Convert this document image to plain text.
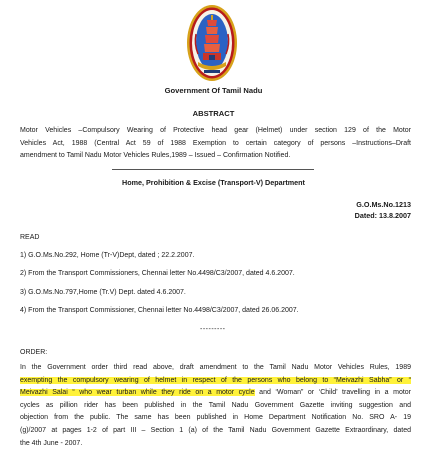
Government Of Tamil Nadu
ABSTRACT
Motor Vehicles –Compulsory Wearing of Protective head gear (Helmet) under section 129 of the Motor
Vehicles Act, 1988 (Central Act 59 of 1988 Exemption to certain category of persons –Instructions–Draft
amendment to Tamil Nadu Motor Vehicles Rules,1989 – Issued – Confirmation Notified.
Home, Prohibition & Excise (Transport-V) Department
G.O.Ms.No.1213
Dated: 13.8.2007
READ
1) G.O.Ms.No.292, Home (Tr-V)Dept, dated ; 22.2.2007.
2) From the Transport Commissioners, Chennai letter No.4498/C3/2007, dated 4.6.2007.
3) G.O.Ms.No.797,Home (Tr.V) Dept. dated 4.6.2007.
4) From the Transport Commissioner, Chennai letter No.4498/C3/2007, dated 26.06.2007.
---------
ORDER:
In the Government order third read above, draft amendment to the Tamil Nadu Motor Vehicles Rules, 1989
exempting the compulsory wearing of helmet in respect of the persons who belong to “Meivazhi Sabha” or “
Meivazhi Salai “ who wear turban while they ride on a motor cycle and ‘Woman” or ‘Child’ travelling in a motor
cycles as pillion rider has been published in the Tamil Nadu Government Gazette inviting suggestion and
objection from the public. The same has been published in Home Department Notification No. SRO A- 19
(g)/2007 at pages 1-2 of part III – Section 1 (a) of the Tamil Nadu Government Gazette Extraordinary, dated
the 4th June - 2007.
